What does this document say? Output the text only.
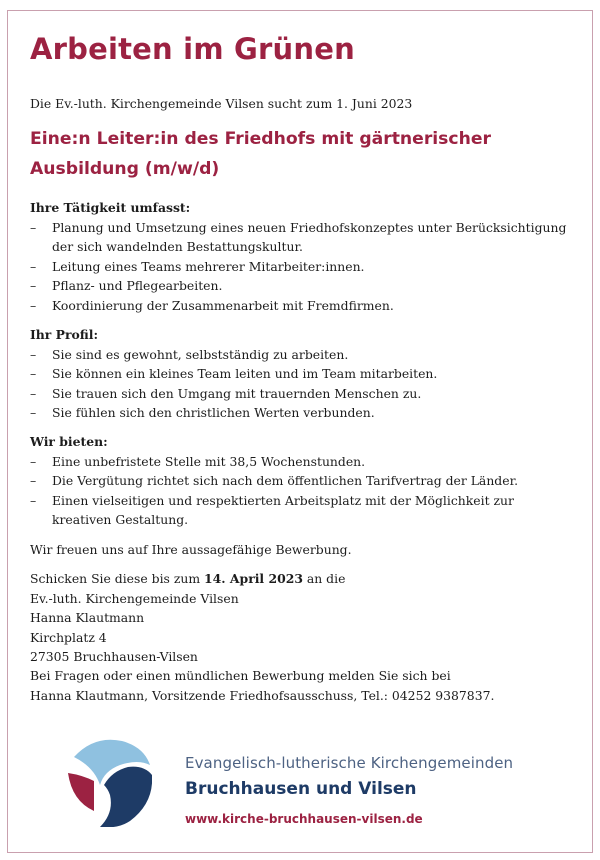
Arbeiten im Grünen
Die Ev.-luth. Kirchengemeinde Vilsen sucht zum 1. Juni 2023
Eine:n Leiter:in des Friedhofs mit gärtnerischer Ausbildung (m/w/d)
Ihre Tätigkeit umfasst:
– Planung und Umsetzung eines neuen Friedhofskonzeptes unter Berücksichtigung der sich wandelnden Bestattungskultur.
– Leitung eines Teams mehrerer Mitarbeiter:innen.
– Pflanz- und Pflegearbeiten.
– Koordinierung der Zusammenarbeit mit Fremdfirmen.
Ihr Profil:
– Sie sind es gewohnt, selbstständig zu arbeiten.
– Sie können ein kleines Team leiten und im Team mitarbeiten.
– Sie trauen sich den Umgang mit trauernden Menschen zu.
– Sie fühlen sich den christlichen Werten verbunden.
Wir bieten:
– Eine unbefristete Stelle mit 38,5 Wochenstunden.
– Die Vergütung richtet sich nach dem öffentlichen Tarifvertrag der Länder.
– Einen vielseitigen und respektierten Arbeitsplatz mit der Möglichkeit zur kreativen Gestaltung.

Wir freuen uns auf Ihre aussagefähige Bewerbung.

Schicken Sie diese bis zum 14. April 2023 an die
Ev.-luth. Kirchengemeinde Vilsen
Hanna Klautmann
Kirchplatz 4
27305 Bruchhausen-Vilsen
Bei Fragen oder einen mündlichen Bewerbung melden Sie sich bei
Hanna Klautmann, Vorsitzende Friedhofsausschuss, Tel.: 04252 9387837.
Evangelisch-lutherische Kirchengemeinden
Bruchhausen und Vilsen
www.kirche-bruchhausen-vilsen.de
